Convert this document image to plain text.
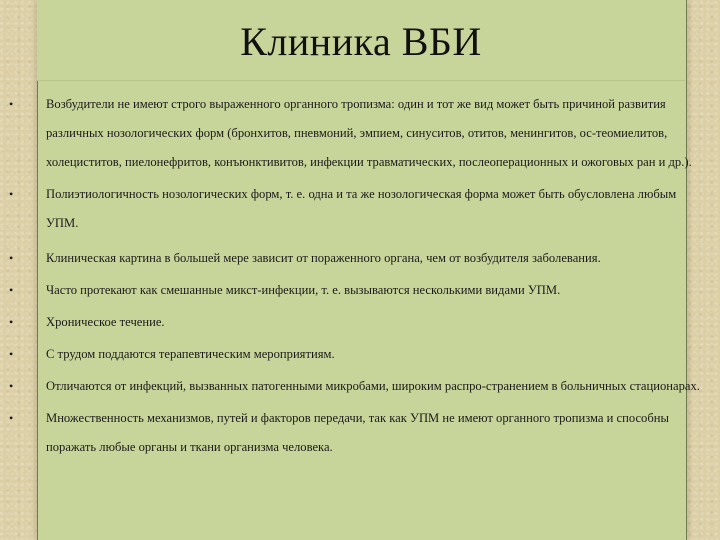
Клиника ВБИ

•	Возбудители не имеют строго выраженного органного тропизма: один и тот же вид может быть причиной развития различных нозологических форм (бронхитов, пневмоний, эмпием, синуситов, отитов, менингитов, ос-теомиелитов, холециститов, пиелонефритов, конъюнктивитов, инфекции травматических, послеоперационных и ожоговых ран и др.).

•	Полиэтиологичность нозологических форм, т. е. одна и та же нозологическая форма может быть обусловлена любым УПМ.

•	Клиническая картина в большей мере зависит от пораженного органа, чем от возбудителя заболевания.

•	Часто протекают как смешанные микст-инфекции, т. е. вызываются несколькими видами УПМ.

•	Хроническое течение.

•	С трудом поддаются терапевтическим мероприятиям.

•	Отличаются от инфекций, вызванных патогенными микробами, широким распро-странением в больничных стационарах.

•	Множественность механизмов, путей и факторов передачи, так как УПМ не имеют органного тропизма и способны поражать любые органы и ткани организма человека.
